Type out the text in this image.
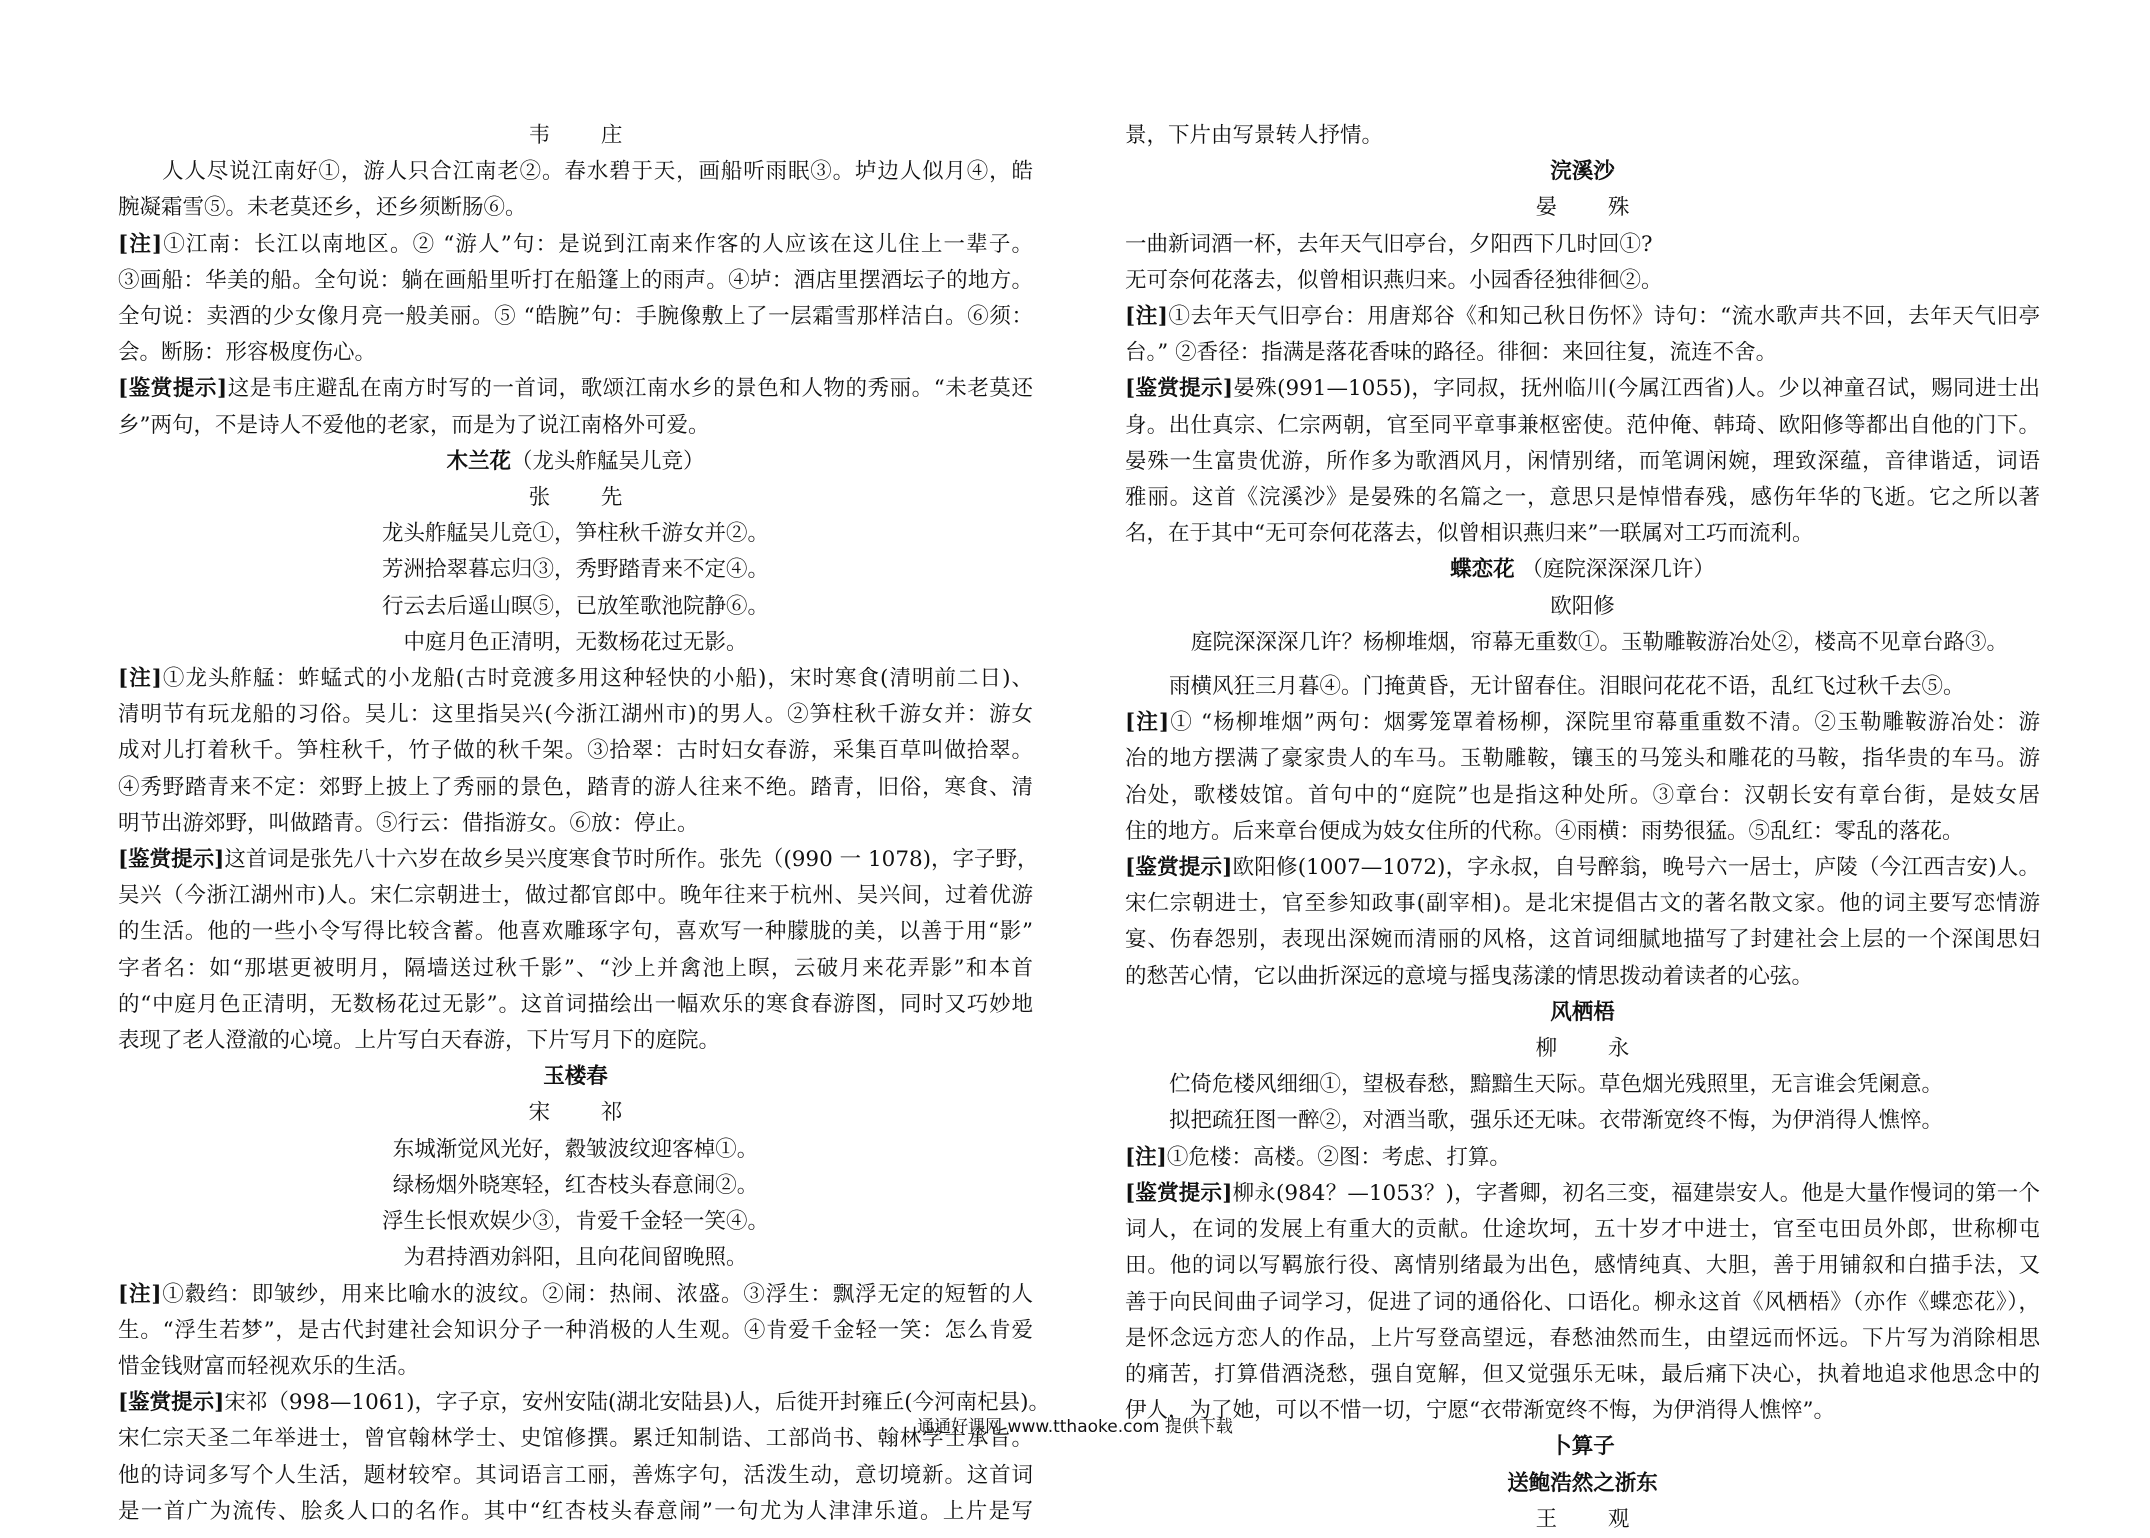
韦 庄
人人尽说江南好①，游人只合江南老②。春水碧于天，画船听雨眠③。垆边人似月④，皓
腕凝霜雪⑤。未老莫还乡，还乡须断肠⑥。
[注]①江南：长江以南地区。② “游人”句：是说到江南来作客的人应该在这儿住上一辈子。
③画船：华美的船。全句说：躺在画船里听打在船篷上的雨声。④垆：酒店里摆酒坛子的地方。
全句说：卖酒的少女像月亮一般美丽。⑤ “皓腕”句：手腕像敷上了一层霜雪那样洁白。⑥须：
会。断肠：形容极度伤心。
[鉴赏提示]这是韦庄避乱在南方时写的一首词，歌颂江南水乡的景色和人物的秀丽。“未老莫还
乡”两句，不是诗人不爱他的老家，而是为了说江南格外可爱。
木兰花（龙头舴艋吴儿竞）
张 先
龙头舴艋吴儿竞①，笋柱秋千游女并②。
芳洲拾翠暮忘归③，秀野踏青来不定④。
行云去后遥山暝⑤，已放笙歌池院静⑥。
中庭月色正清明，无数杨花过无影。
[注]①龙头舴艋：蚱蜢式的小龙船(古时竞渡多用这种轻快的小船)，宋时寒食(清明前二日)、
清明节有玩龙船的习俗。吴儿：这里指吴兴(今浙江湖州市)的男人。②笋柱秋千游女并：游女
成对儿打着秋千。笋柱秋千，竹子做的秋千架。③拾翠：古时妇女春游，采集百草叫做拾翠。
④秀野踏青来不定：郊野上披上了秀丽的景色，踏青的游人往来不绝。踏青，旧俗，寒食、清
明节出游郊野，叫做踏青。⑤行云：借指游女。⑥放：停止。
[鉴赏提示]这首词是张先八十六岁在故乡吴兴度寒食节时所作。张先（(990 一 1078)，字子野，
吴兴（今浙江湖州市)人。宋仁宗朝进士，做过都官郎中。晚年往来于杭州、吴兴间，过着优游
的生活。他的一些小令写得比较含蓄。他喜欢雕琢字句，喜欢写一种朦胧的美，以善于用“影”
字者名：如“那堪更被明月，隔墙送过秋千影”、“沙上并禽池上暝，云破月来花弄影”和本首
的“中庭月色正清明，无数杨花过无影”。这首词描绘出一幅欢乐的寒食春游图，同时又巧妙地
表现了老人澄澈的心境。上片写白天春游，下片写月下的庭院。
玉楼春
宋 祁
东城渐觉风光好，縠皱波纹迎客棹①。
绿杨烟外晓寒轻，红杏枝头春意闹②。
浮生长恨欢娱少③，肯爱千金轻一笑④。
为君持酒劝斜阳，且向花间留晚照。
[注]①縠绉：即皱纱，用来比喻水的波纹。②闹：热闹、浓盛。③浮生：飘浮无定的短暂的人
生。“浮生若梦”，是古代封建社会知识分子一种消极的人生观。④肯爱千金轻一笑：怎么肯爱
惜金钱财富而轻视欢乐的生活。
[鉴赏提示]宋祁（998—1061)，字子京，安州安陆(湖北安陆县)人，后徙开封雍丘(今河南杞县)。
宋仁宗天圣二年举进士，曾官翰林学士、史馆修撰。累迁知制诰、工部尚书、翰林学士承旨。
他的诗词多写个人生活，题材较窄。其词语言工丽，善炼字句，活泼生动，意切境新。这首词
是一首广为流传、脍炙人口的名作。其中“红杏枝头春意闹”一句尤为人津津乐道。上片是写
景，下片由写景转人抒情。
浣溪沙
晏 殊
一曲新词酒一杯，去年天气旧亭台，夕阳西下几时回①?
无可奈何花落去，似曾相识燕归来。小园香径独徘徊②。
[注]①去年天气旧亭台：用唐郑谷《和知己秋日伤怀》诗句：“流水歌声共不回，去年天气旧亭
台。” ②香径：指满是落花香味的路径。徘徊：来回往复，流连不舍。
[鉴赏提示]晏殊(991—1055)，字同叔，抚州临川(今属江西省)人。少以神童召试，赐同进士出
身。出仕真宗、仁宗两朝，官至同平章事兼枢密使。范仲俺、韩琦、欧阳修等都出自他的门下。
晏殊一生富贵优游，所作多为歌酒风月，闲情别绪，而笔调闲婉，理致深蕴，音律谐适，词语
雅丽。这首《浣溪沙》是晏殊的名篇之一，意思只是悼惜春残，感伤年华的飞逝。它之所以著
名，在于其中“无可奈何花落去，似曾相识燕归来”一联属对工巧而流利。
蝶恋花 （庭院深深深几许）
欧阳修
庭院深深深几许？杨柳堆烟，帘幕无重数①。玉勒雕鞍游冶处②，楼高不见章台路③。
雨横风狂三月暮④。门掩黄昏，无计留春住。泪眼问花花不语，乱红飞过秋千去⑤。
[注]① “杨柳堆烟”两句：烟雾笼罩着杨柳，深院里帘幕重重数不清。②玉勒雕鞍游冶处：游
冶的地方摆满了豪家贵人的车马。玉勒雕鞍，镶玉的马笼头和雕花的马鞍，指华贵的车马。游
冶处，歌楼妓馆。首句中的“庭院”也是指这种处所。③章台：汉朝长安有章台街，是妓女居
住的地方。后来章台便成为妓女住所的代称。④雨横：雨势很猛。⑤乱红：零乱的落花。
[鉴赏提示]欧阳修(1007—1072)，字永叔，自号醉翁，晚号六一居士，庐陵（今江西吉安)人。
宋仁宗朝进士，官至参知政事(副宰相)。是北宋提倡古文的著名散文家。他的词主要写恋情游
宴、伤春怨别，表现出深婉而清丽的风格，这首词细腻地描写了封建社会上层的一个深闺思妇
的愁苦心情，它以曲折深远的意境与摇曳荡漾的情思拨动着读者的心弦。
风栖梧
柳 永
伫倚危楼风细细①，望极春愁，黯黯生天际。草色烟光残照里，无言谁会凭阑意。
拟把疏狂图一醉②，对酒当歌，强乐还无味。衣带渐宽终不悔，为伊消得人憔悴。
[注]①危楼：高楼。②图：考虑、打算。
[鉴赏提示]柳永(984？—1053？)，字耆卿，初名三变，福建崇安人。他是大量作慢词的第一个
词人，在词的发展上有重大的贡献。仕途坎坷，五十岁才中进士，官至屯田员外郎，世称柳屯
田。他的词以写羁旅行役、离情别绪最为出色，感情纯真、大胆，善于用铺叙和白描手法，又
善于向民间曲子词学习，促进了词的通俗化、口语化。柳永这首《风栖梧》（亦作《蝶恋花》），
是怀念远方恋人的作品，上片写登高望远，春愁油然而生，由望远而怀远。下片写为消除相思
的痛苦，打算借酒浇愁，强自宽解，但又觉强乐无味，最后痛下决心，执着地追求他思念中的
伊人，为了她，可以不惜一切，宁愿“衣带渐宽终不悔，为伊消得人憔悴”。
卜算子
送鲍浩然之浙东
王 观
通通好课网 www.tthaoke.com 提供下载
